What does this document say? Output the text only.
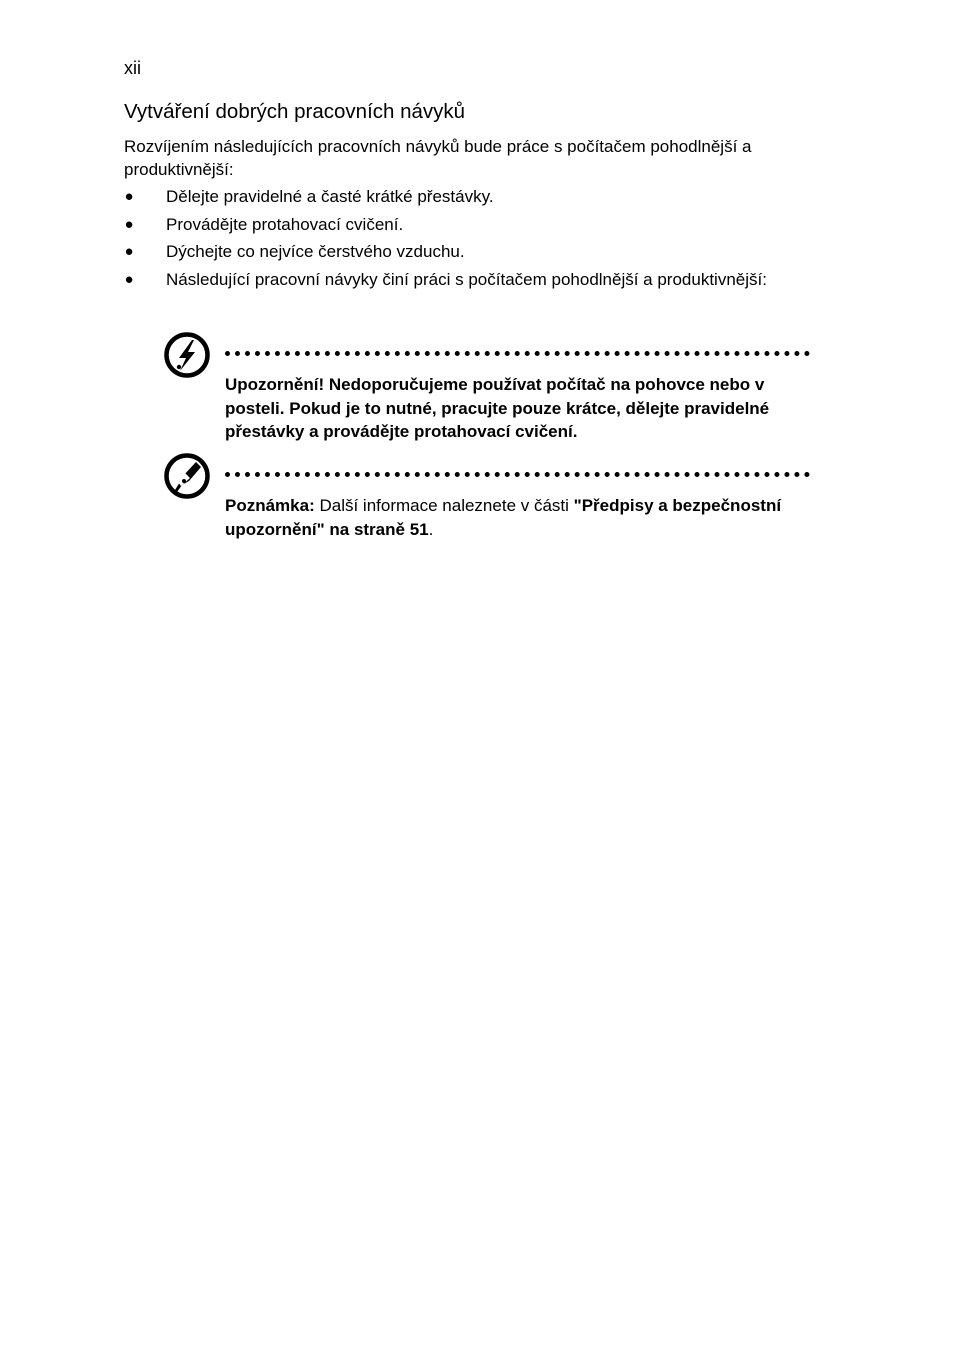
xii
Vytváření dobrých pracovních návyků

Rozvíjením následujících pracovních návyků bude práce s počítačem pohodlnější a produktivnější:

● Dělejte pravidelné a časté krátké přestávky.
● Provádějte protahovací cvičení.
● Dýchejte co nejvíce čerstvého vzduchu.
● Následující pracovní návyky činí práci s počítačem pohodlnější a produktivnější:

Upozornění! Nedoporučujeme používat počítač na pohovce nebo v posteli. Pokud je to nutné, pracujte pouze krátce, dělejte pravidelné přestávky a provádějte protahovací cvičení.

Poznámka: Další informace naleznete v části "Předpisy a bezpečnostní upozornění" na straně 51.
